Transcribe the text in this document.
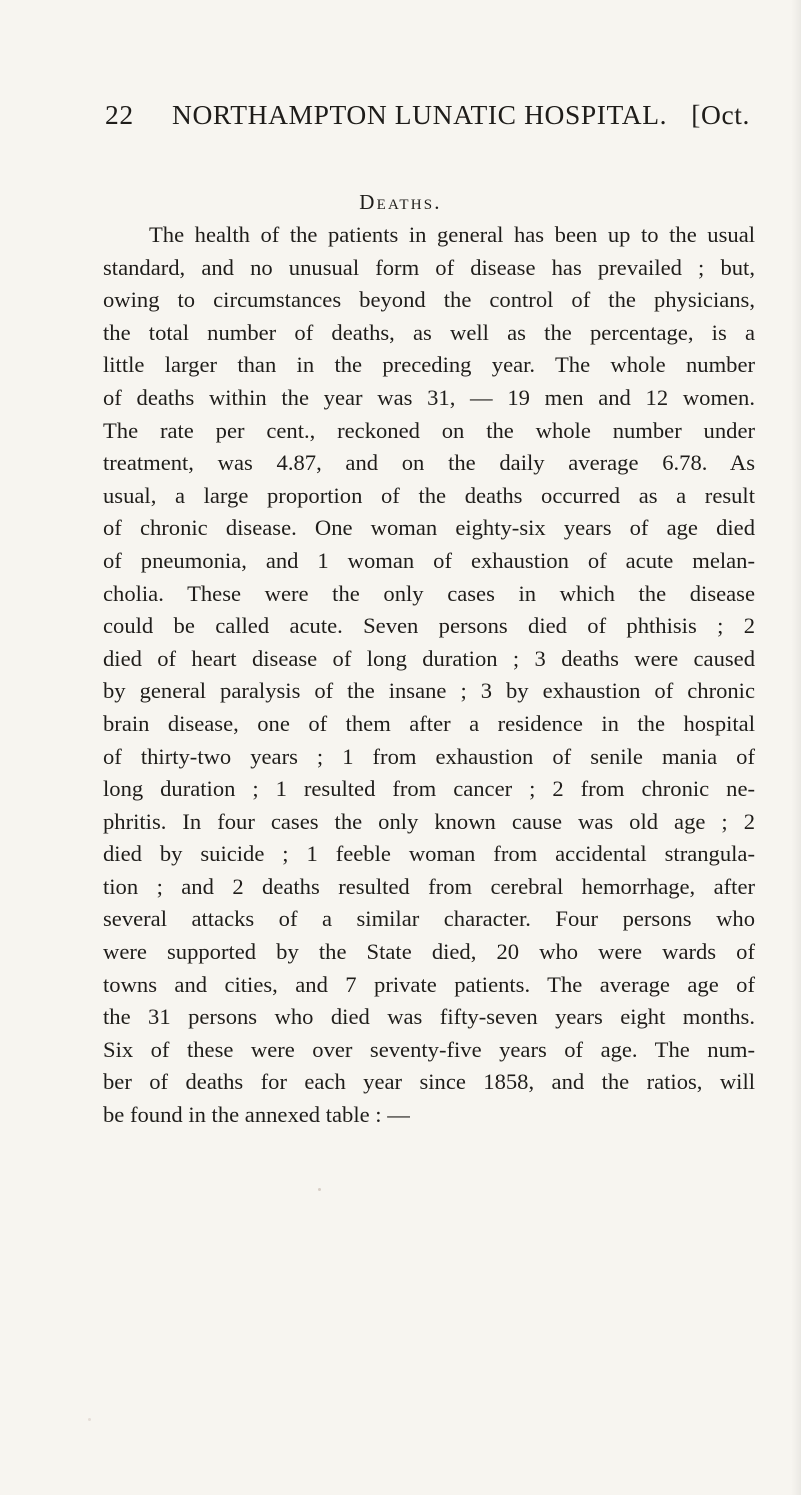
22 NORTHAMPTON LUNATIC HOSPITAL. [Oct.
Deaths.
The health of the patients in general has been up to the usual
standard, and no unusual form of disease has prevailed ; but,
owing to circumstances beyond the control of the physicians,
the total number of deaths, as well as the percentage, is a
little larger than in the preceding year. The whole number
of deaths within the year was 31, — 19 men and 12 women.
The rate per cent., reckoned on the whole number under
treatment, was 4.87, and on the daily average 6.78. As
usual, a large proportion of the deaths occurred as a result
of chronic disease. One woman eighty-six years of age died
of pneumonia, and 1 woman of exhaustion of acute melan-
cholia. These were the only cases in which the disease
could be called acute. Seven persons died of phthisis ; 2
died of heart disease of long duration ; 3 deaths were caused
by general paralysis of the insane ; 3 by exhaustion of chronic
brain disease, one of them after a residence in the hospital
of thirty-two years ; 1 from exhaustion of senile mania of
long duration ; 1 resulted from cancer ; 2 from chronic ne-
phritis. In four cases the only known cause was old age ; 2
died by suicide ; 1 feeble woman from accidental strangula-
tion ; and 2 deaths resulted from cerebral hemorrhage, after
several attacks of a similar character. Four persons who
were supported by the State died, 20 who were wards of
towns and cities, and 7 private patients. The average age of
the 31 persons who died was fifty-seven years eight months.
Six of these were over seventy-five years of age. The num-
ber of deaths for each year since 1858, and the ratios, will
be found in the annexed table : —
